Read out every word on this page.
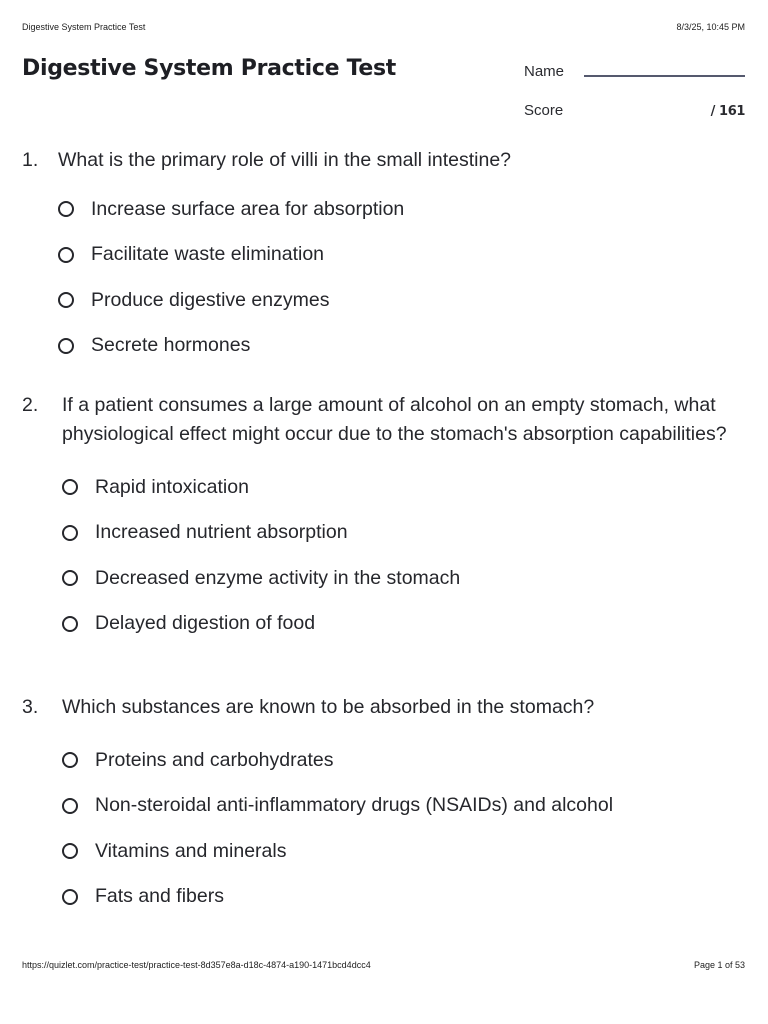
Digestive System Practice Test	8/3/25, 10:45 PM
Digestive System Practice Test	Name
Score	/ 161
1.	What is the primary role of villi in the small intestine?
Increase surface area for absorption
Facilitate waste elimination
Produce digestive enzymes
Secrete hormones
2.	If a patient consumes a large amount of alcohol on an empty stomach, what physiological effect might occur due to the stomach's absorption capabilities?
Rapid intoxication
Increased nutrient absorption
Decreased enzyme activity in the stomach
Delayed digestion of food
3.	Which substances are known to be absorbed in the stomach?
Proteins and carbohydrates
Non-steroidal anti-inflammatory drugs (NSAIDs) and alcohol
Vitamins and minerals
Fats and fibers
https://quizlet.com/practice-test/practice-test-8d357e8a-d18c-4874-a190-1471bcd4dcc4	Page 1 of 53
